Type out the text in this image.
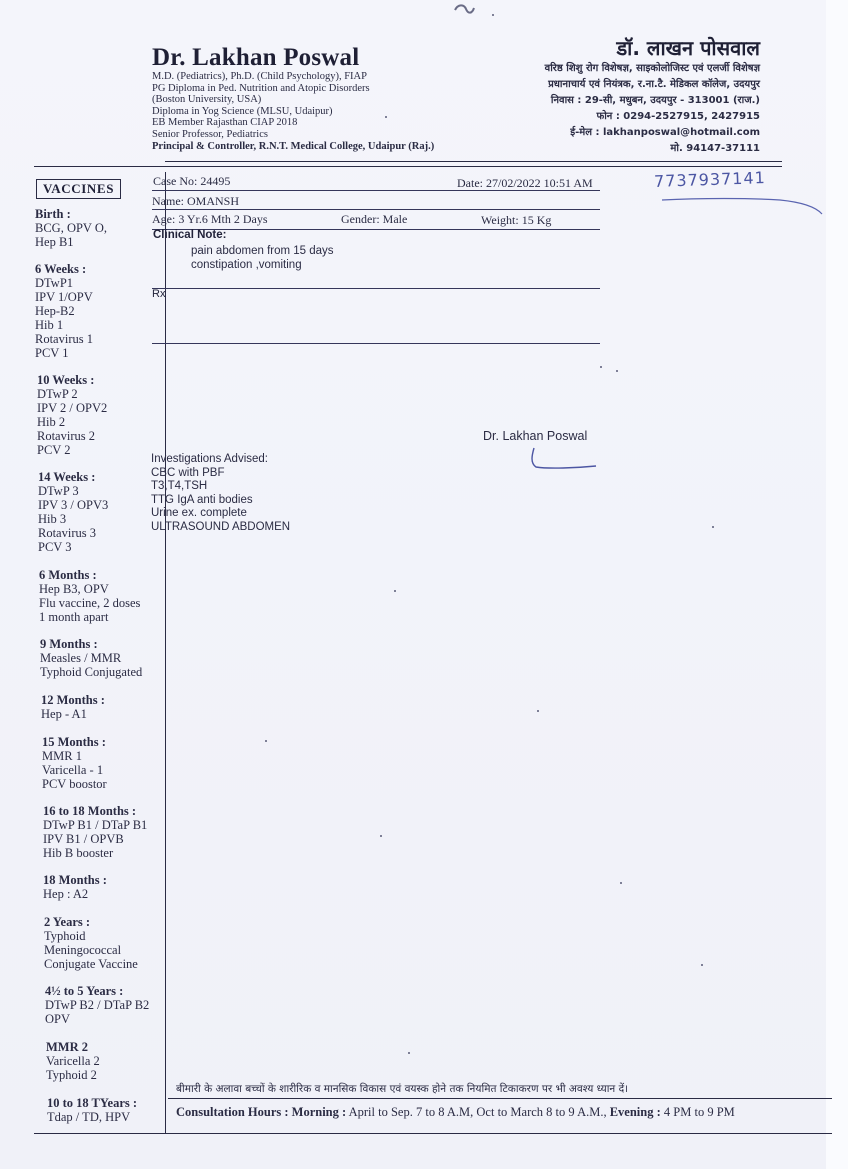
Dr. Lakhan Poswal
M.D. (Pediatrics), Ph.D. (Child Psychology), FIAP
PG Diploma in Ped. Nutrition and Atopic Disorders
(Boston University, USA)
Diploma in Yog Science (MLSU, Udaipur)
EB Member Rajasthan CIAP 2018
Senior Professor, Pediatrics
Principal & Controller, R.N.T. Medical College, Udaipur (Raj.)
डॉ. लाखन पोसवाल
वरिष्ठ शिशु रोग विशेषज्ञ, साइकोलोजिस्ट एवं एलर्जी विशेषज्ञ
प्रधानाचार्य एवं नियंत्रक, र.ना.टै. मेडिकल कॉलेज, उदयपुर
निवास : 29-सी, मधुबन, उदयपुर - 313001 (राज.)
फोन : 0294-2527915, 2427915
ई-मेल : lakhanposwal@hotmail.com
मो. 94147-37111
VACCINES
Birth :
BCG, OPV O,
Hep B1
6 Weeks :
DTwP1
IPV 1/OPV
Hep-B2
Hib 1
Rotavirus 1
PCV 1
10 Weeks :
DTwP 2
IPV 2 / OPV2
Hib 2
Rotavirus 2
PCV 2
14 Weeks :
DTwP 3
IPV 3 / OPV3
Hib 3
Rotavirus 3
PCV 3
6 Months :
Hep B3, OPV
Flu vaccine, 2 doses
1 month apart
9 Months :
Measles / MMR
Typhoid Conjugated
12 Months :
Hep - A1
15 Months :
MMR 1
Varicella - 1
PCV boostor
16 to 18 Months :
DTwP B1 / DTaP B1
IPV B1 / OPVB
Hib B booster
18 Months :
Hep : A2
2 Years :
Typhoid
Meningococcal
Conjugate Vaccine
4½ to 5 Years :
DTwP B2 / DTaP B2
OPV
MMR 2
Varicella 2
Typhoid 2
10 to 18 TYears :
Tdap / TD, HPV
Case No: 24495	Date: 27/02/2022 10:51 AM
Name: OMANSH
Age: 3 Yr.6 Mth 2 Days	Gender: Male	Weight: 15 Kg
7737937141
Clinical Note:
pain abdomen from 15 days
constipation ,vomiting
Rx
Dr. Lakhan Poswal
Investigations Advised:
CBC with PBF
T3,T4,TSH
TTG IgA anti bodies
Urine ex. complete
ULTRASOUND ABDOMEN
बीमारी के अलावा बच्चों के शारीरिक व मानसिक विकास एवं वयस्क होने तक नियमित टिकाकरण पर भी अवश्य ध्यान दें।
Consultation Hours : Morning : April to Sep. 7 to 8 A.M, Oct to March 8 to 9 A.M., Evening : 4 PM to 9 PM
